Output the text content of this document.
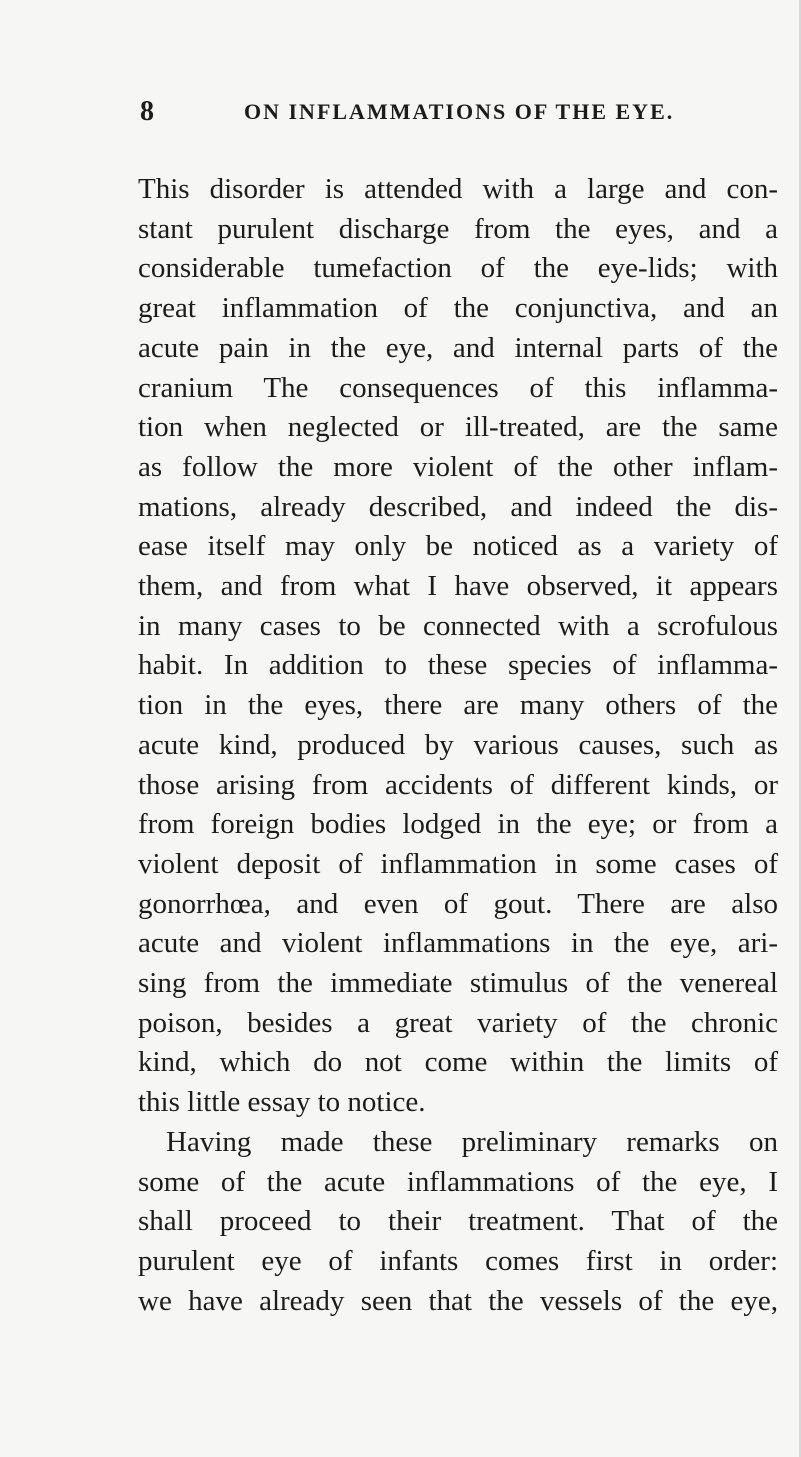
8	ON INFLAMMATIONS OF THE EYE.
This disorder is attended with a large and con-
stant purulent discharge from the eyes, and a
considerable tumefaction of the eye-lids; with
great inflammation of the conjunctiva, and an
acute pain in the eye, and internal parts of the
cranium The consequences of this inflamma-
tion when neglected or ill-treated, are the same
as follow the more violent of the other inflam-
mations, already described, and indeed the dis-
ease itself may only be noticed as a variety of
them, and from what I have observed, it appears
in many cases to be connected with a scrofulous
habit. In addition to these species of inflamma-
tion in the eyes, there are many others of the
acute kind, produced by various causes, such as
those arising from accidents of different kinds, or
from foreign bodies lodged in the eye; or from a
violent deposit of inflammation in some cases of
gonorrhœa, and even of gout. There are also
acute and violent inflammations in the eye, ari-
sing from the immediate stimulus of the venereal
poison, besides a great variety of the chronic
kind, which do not come within the limits of
this little essay to notice.
Having made these preliminary remarks on
some of the acute inflammations of the eye, I
shall proceed to their treatment. That of the
purulent eye of infants comes first in order:
we have already seen that the vessels of the eye,
